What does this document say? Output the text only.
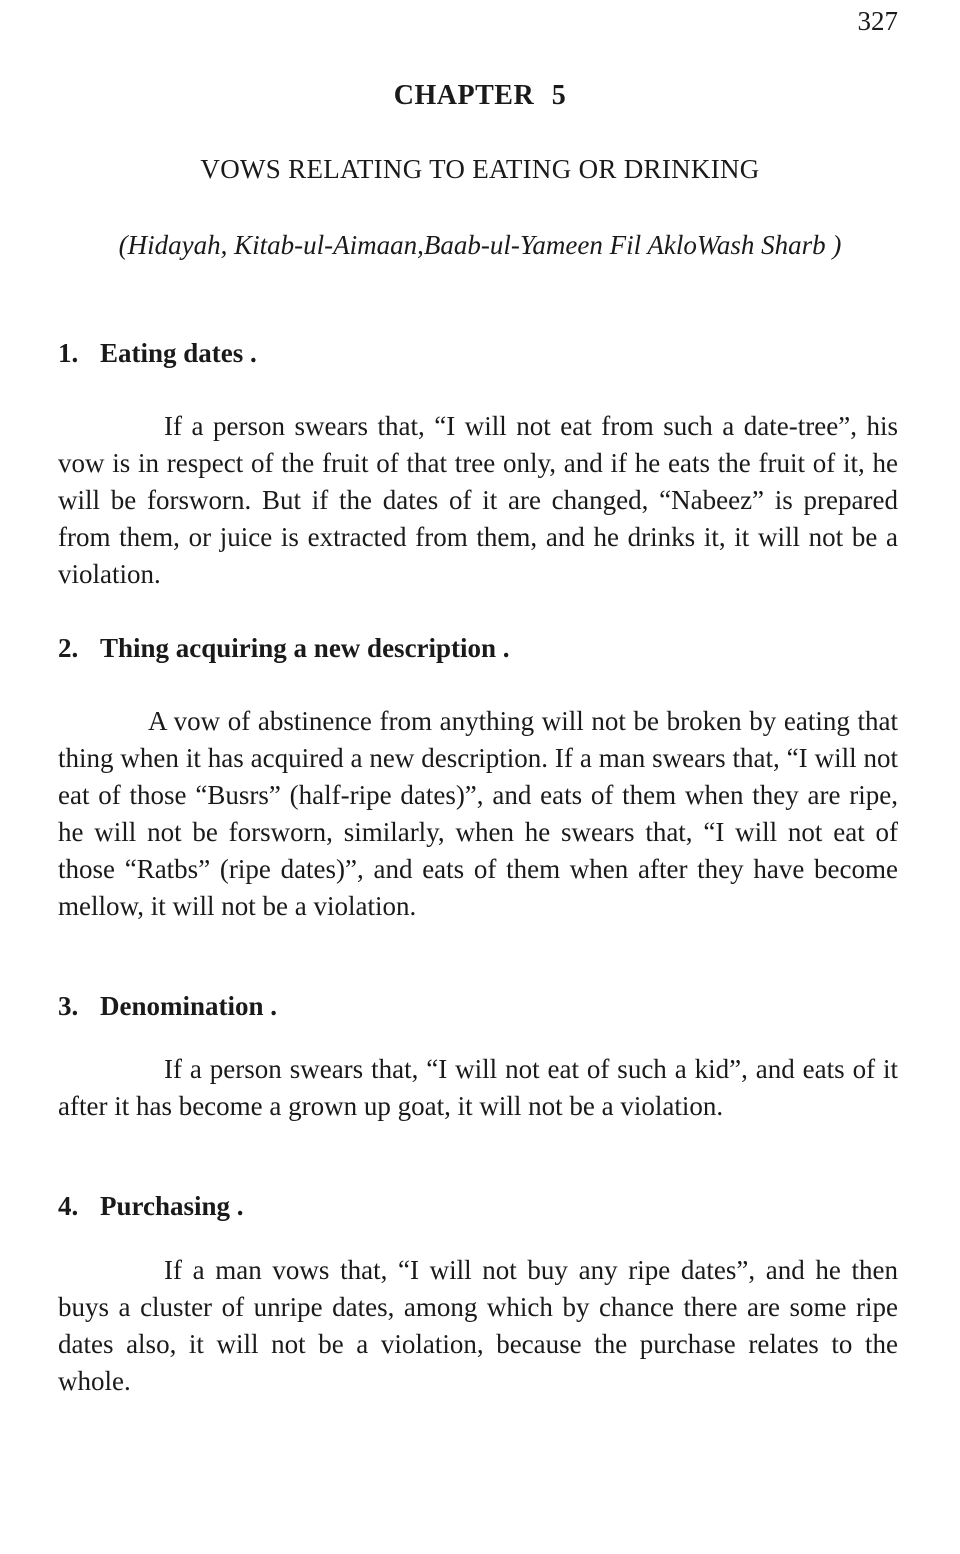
327
CHAPTER 5
VOWS RELATING TO EATING OR DRINKING
(Hidayah, Kitab-ul-Aimaan,Baab-ul-Yameen Fil AkloWash Sharb )
1. Eating dates .

If a person swears that, “I will not eat from such a date-tree”, his vow is in respect of the fruit of that tree only, and if he eats the fruit of it, he will be forsworn. But if the dates of it are changed, “Nabeez” is prepared from them, or juice is extracted from them, and he drinks it, it will not be a violation.

2. Thing acquiring a new description .

A vow of abstinence from anything will not be broken by eating that thing when it has acquired a new description. If a man swears that, “I will not eat of those “Busrs” (half-ripe dates)”, and eats of them when they are ripe, he will not be forsworn, similarly, when he swears that, “I will not eat of those “Ratbs” (ripe dates)”, and eats of them when after they have become mellow, it will not be a violation.

3. Denomination .

If a person swears that, “I will not eat of such a kid”, and eats of it after it has become a grown up goat, it will not be a violation.

4. Purchasing .

If a man vows that, “I will not buy any ripe dates”, and he then buys a cluster of unripe dates, among which by chance there are some ripe dates also, it will not be a violation, because the purchase relates to the whole.
